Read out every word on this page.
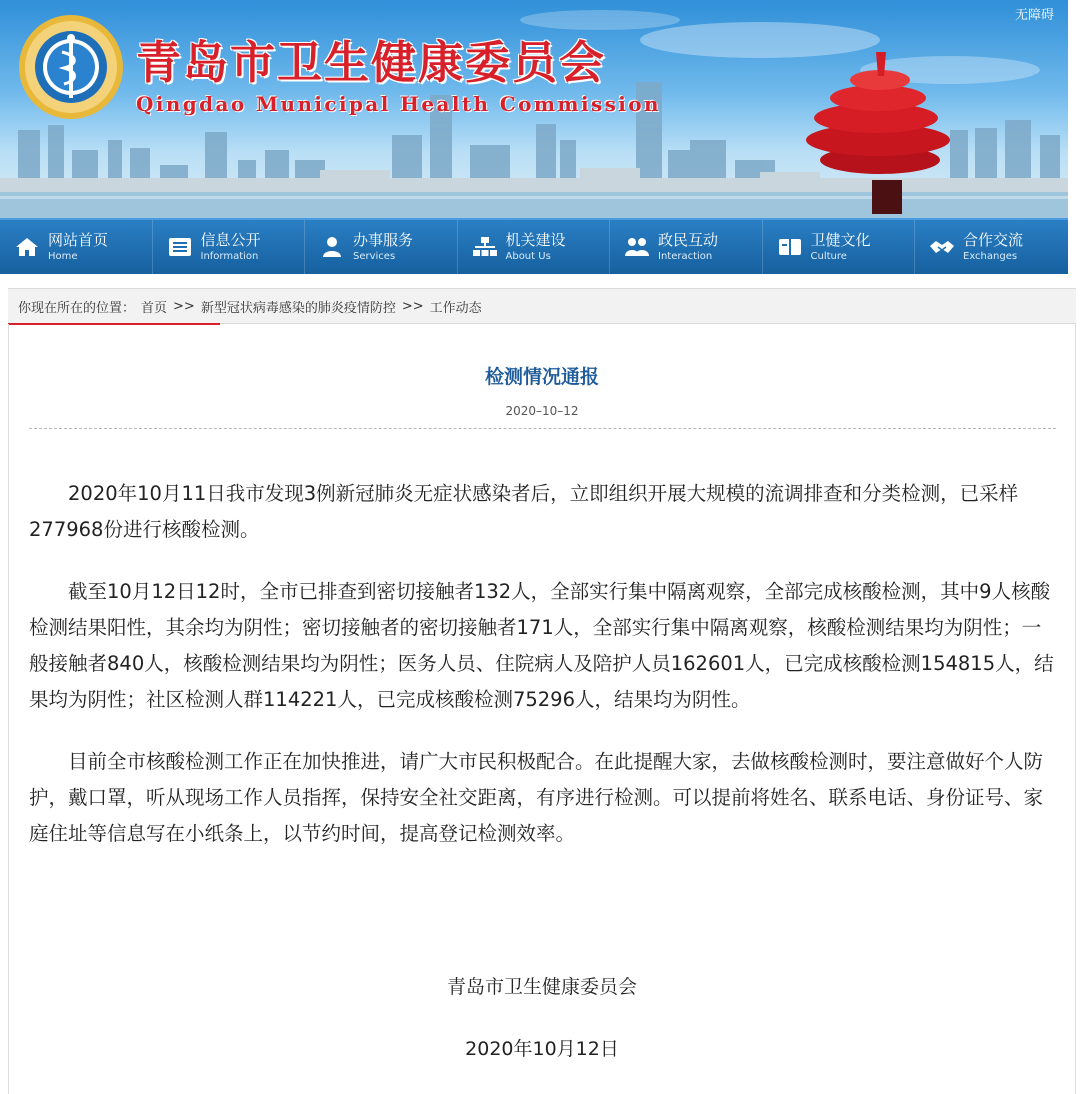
青岛市卫生健康委员会
Qingdao Municipal Health Commission
无障碍
网站首页
Home
信息公开
Information
办事服务
Services
机关建设
About Us
政民互动
Interaction
卫健文化
Culture
合作交流
Exchanges
你现在所在的位置： 首页 >> 新型冠状病毒感染的肺炎疫情防控 >> 工作动态
检测情况通报
2020–10–12

2020年10月11日我市发现3例新冠肺炎无症状感染者后，立即组织开展大规模的流调排查和分类检测，已采样277968份进行核酸检测。

截至10月12日12时，全市已排查到密切接触者132人，全部实行集中隔离观察，全部完成核酸检测，其中9人核酸检测结果阳性，其余均为阴性；密切接触者的密切接触者171人，全部实行集中隔离观察，核酸检测结果均为阴性；一般接触者840人，核酸检测结果均为阴性；医务人员、住院病人及陪护人员162601人，已完成核酸检测154815人，结果均为阴性；社区检测人群114221人，已完成核酸检测75296人，结果均为阴性。

目前全市核酸检测工作正在加快推进，请广大市民积极配合。在此提醒大家，去做核酸检测时，要注意做好个人防护，戴口罩，听从现场工作人员指挥，保持安全社交距离，有序进行检测。可以提前将姓名、联系电话、身份证号、家庭住址等信息写在小纸条上，以节约时间，提高登记检测效率。

青岛市卫生健康委员会
2020年10月12日
